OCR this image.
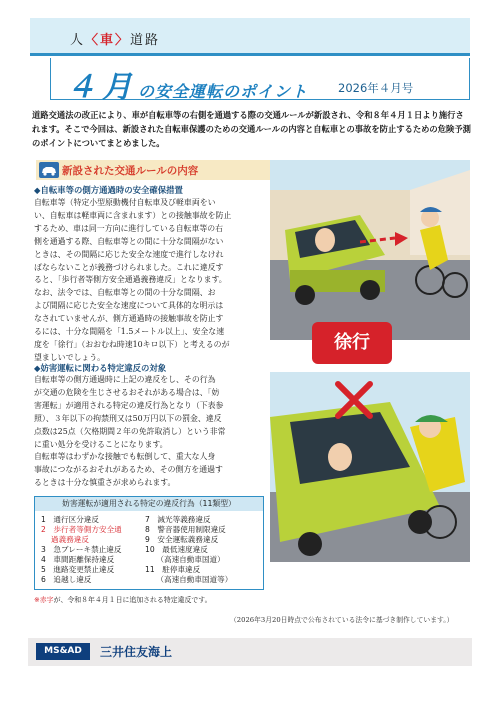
人〈車〉道路
４月の安全運転のポイント	2026年４月号
道路交通法の改正により、車が自転車等の右側を通過する際の交通ルールが新設され、令和８年４月１日より施行されます。そこで今回は、新設された自転車保護のための交通ルールの内容と自転車との事故を防止するための危険予測のポイントについてまとめました。
新設された交通ルールの内容
◆自転車等の側方通過時の安全確保措置
自転車等（特定小型原動機付自転車及び軽車両をい
い、自転車は軽車両に含まれます）との接触事故を防止
するため、車は同一方向に進行している自転車等の右
側を通過する際、自転車等との間に十分な間隔がない
ときは、その間隔に応じた安全な速度で進行しなけれ
ばならないことが義務づけられました。これに違反す
ると、「歩行者等側方安全通過義務違反」となります。
なお、法令では、自転車等との間の十分な間隔、お
よび間隔に応じた安全な速度について具体的な明示は
なされていませんが、側方通過時の接触事故を防止す
るには、十分な間隔を「1.5メートル以上」、安全な速
度を「徐行」（おおむね時速10キロ以下）と考えるのが
望ましいでしょう。
◆妨害運転に関わる特定違反の対象
自転車等の側方通過時に上記の違反をし、その行為
が交通の危険を生じさせるおそれがある場合は、「妨
害運転」が適用される特定の違反行為となり（下表参
照）、３年以下の拘禁刑又は50万円以下の罰金、違反
点数は25点（欠格期間２年の免許取消し）という非常
に重い処分を受けることになります。
自転車等はわずかな接触でも転倒して、重大な人身
事故につながるおそれがあるため、その側方を通過す
るときは十分な慎重さが求められます。
妨害運転が適用される特定の違反行為（11類型）
1　通行区分違反
2　歩行者等側方安全通
　 過義務違反
3　急ブレーキ禁止違反
4　車間距離保持違反
5　進路変更禁止違反
6　追越し違反
7　減光等義務違反
8　警音器使用制限違反
9　安全運転義務違反
10　最低速度違反
　　（高速自動車国道）
11　駐停車違反
　　（高速自動車国道等）
※赤字が、令和８年４月１日に追加される特定違反です。
徐行
（2026年3月20日時点で公布されている法令に基づき制作しています。）
MS&AD	三井住友海上
